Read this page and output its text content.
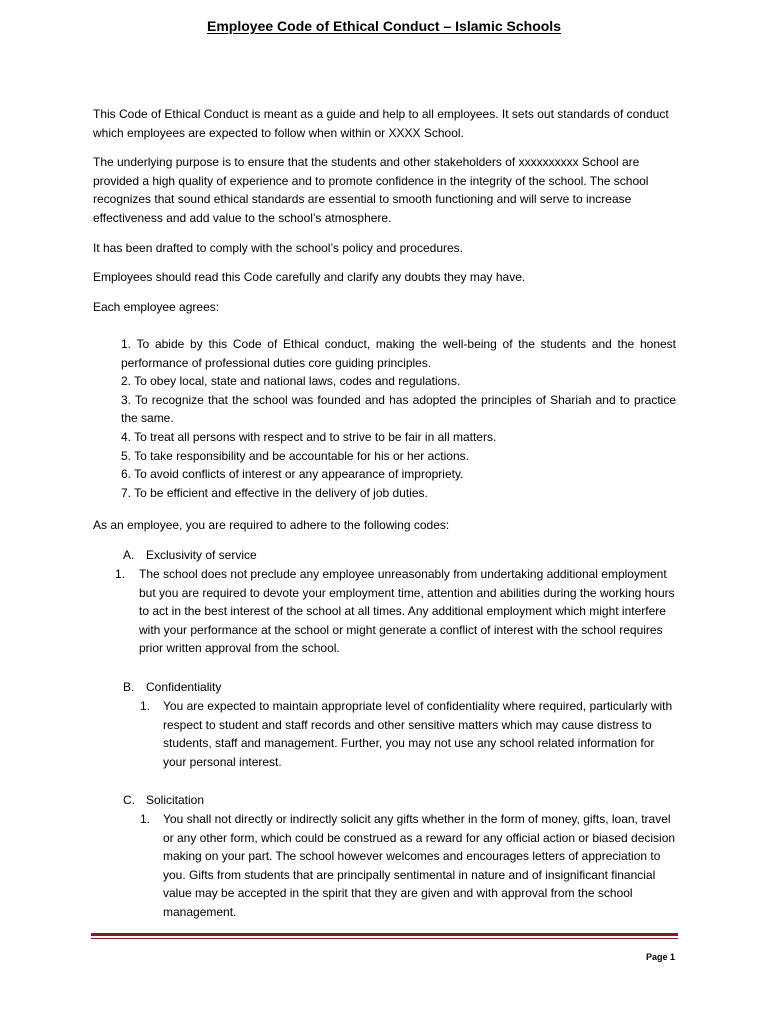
Employee Code of Ethical Conduct – Islamic Schools

This Code of Ethical Conduct is meant as a guide and help to all employees. It sets out standards of conduct which employees are expected to follow when within or XXXX School.

The underlying purpose is to ensure that the students and other stakeholders of xxxxxxxxxx School are provided a high quality of experience and to promote confidence in the integrity of the school. The school recognizes that sound ethical standards are essential to smooth functioning and will serve to increase effectiveness and add value to the school’s atmosphere.

It has been drafted to comply with the school’s policy and procedures.

Employees should read this Code carefully and clarify any doubts they may have.

Each employee agrees:

1. To abide by this Code of Ethical conduct, making the well-being of the students and the honest performance of professional duties core guiding principles.
2. To obey local, state and national laws, codes and regulations.
3. To recognize that the school was founded and has adopted the principles of Shariah and to practice the same.
4. To treat all persons with respect and to strive to be fair in all matters.
5. To take responsibility and be accountable for his or her actions.
6. To avoid conflicts of interest or any appearance of impropriety.
7. To be efficient and effective in the delivery of job duties.
As an employee, you are required to adhere to the following codes:
A. Exclusivity of service
1.	The school does not preclude any employee unreasonably from undertaking additional employment but you are required to devote your employment time, attention and abilities during the working hours to act in the best interest of the school at all times. Any additional employment which might interfere with your performance at the school or might generate a conflict of interest with the school requires prior written approval from the school.
B. Confidentiality
1.	You are expected to maintain appropriate level of confidentiality where required, particularly with respect to student and staff records and other sensitive matters which may cause distress to students, staff and management. Further, you may not use any school related information for your personal interest.
C. Solicitation
1.	You shall not directly or indirectly solicit any gifts whether in the form of money, gifts, loan, travel or any other form, which could be construed as a reward for any official action or biased decision making on your part. The school however welcomes and encourages letters of appreciation to you. Gifts from students that are principally sentimental in nature and of insignificant financial value may be accepted in the spirit that they are given and with approval from the school management.
Page 1
